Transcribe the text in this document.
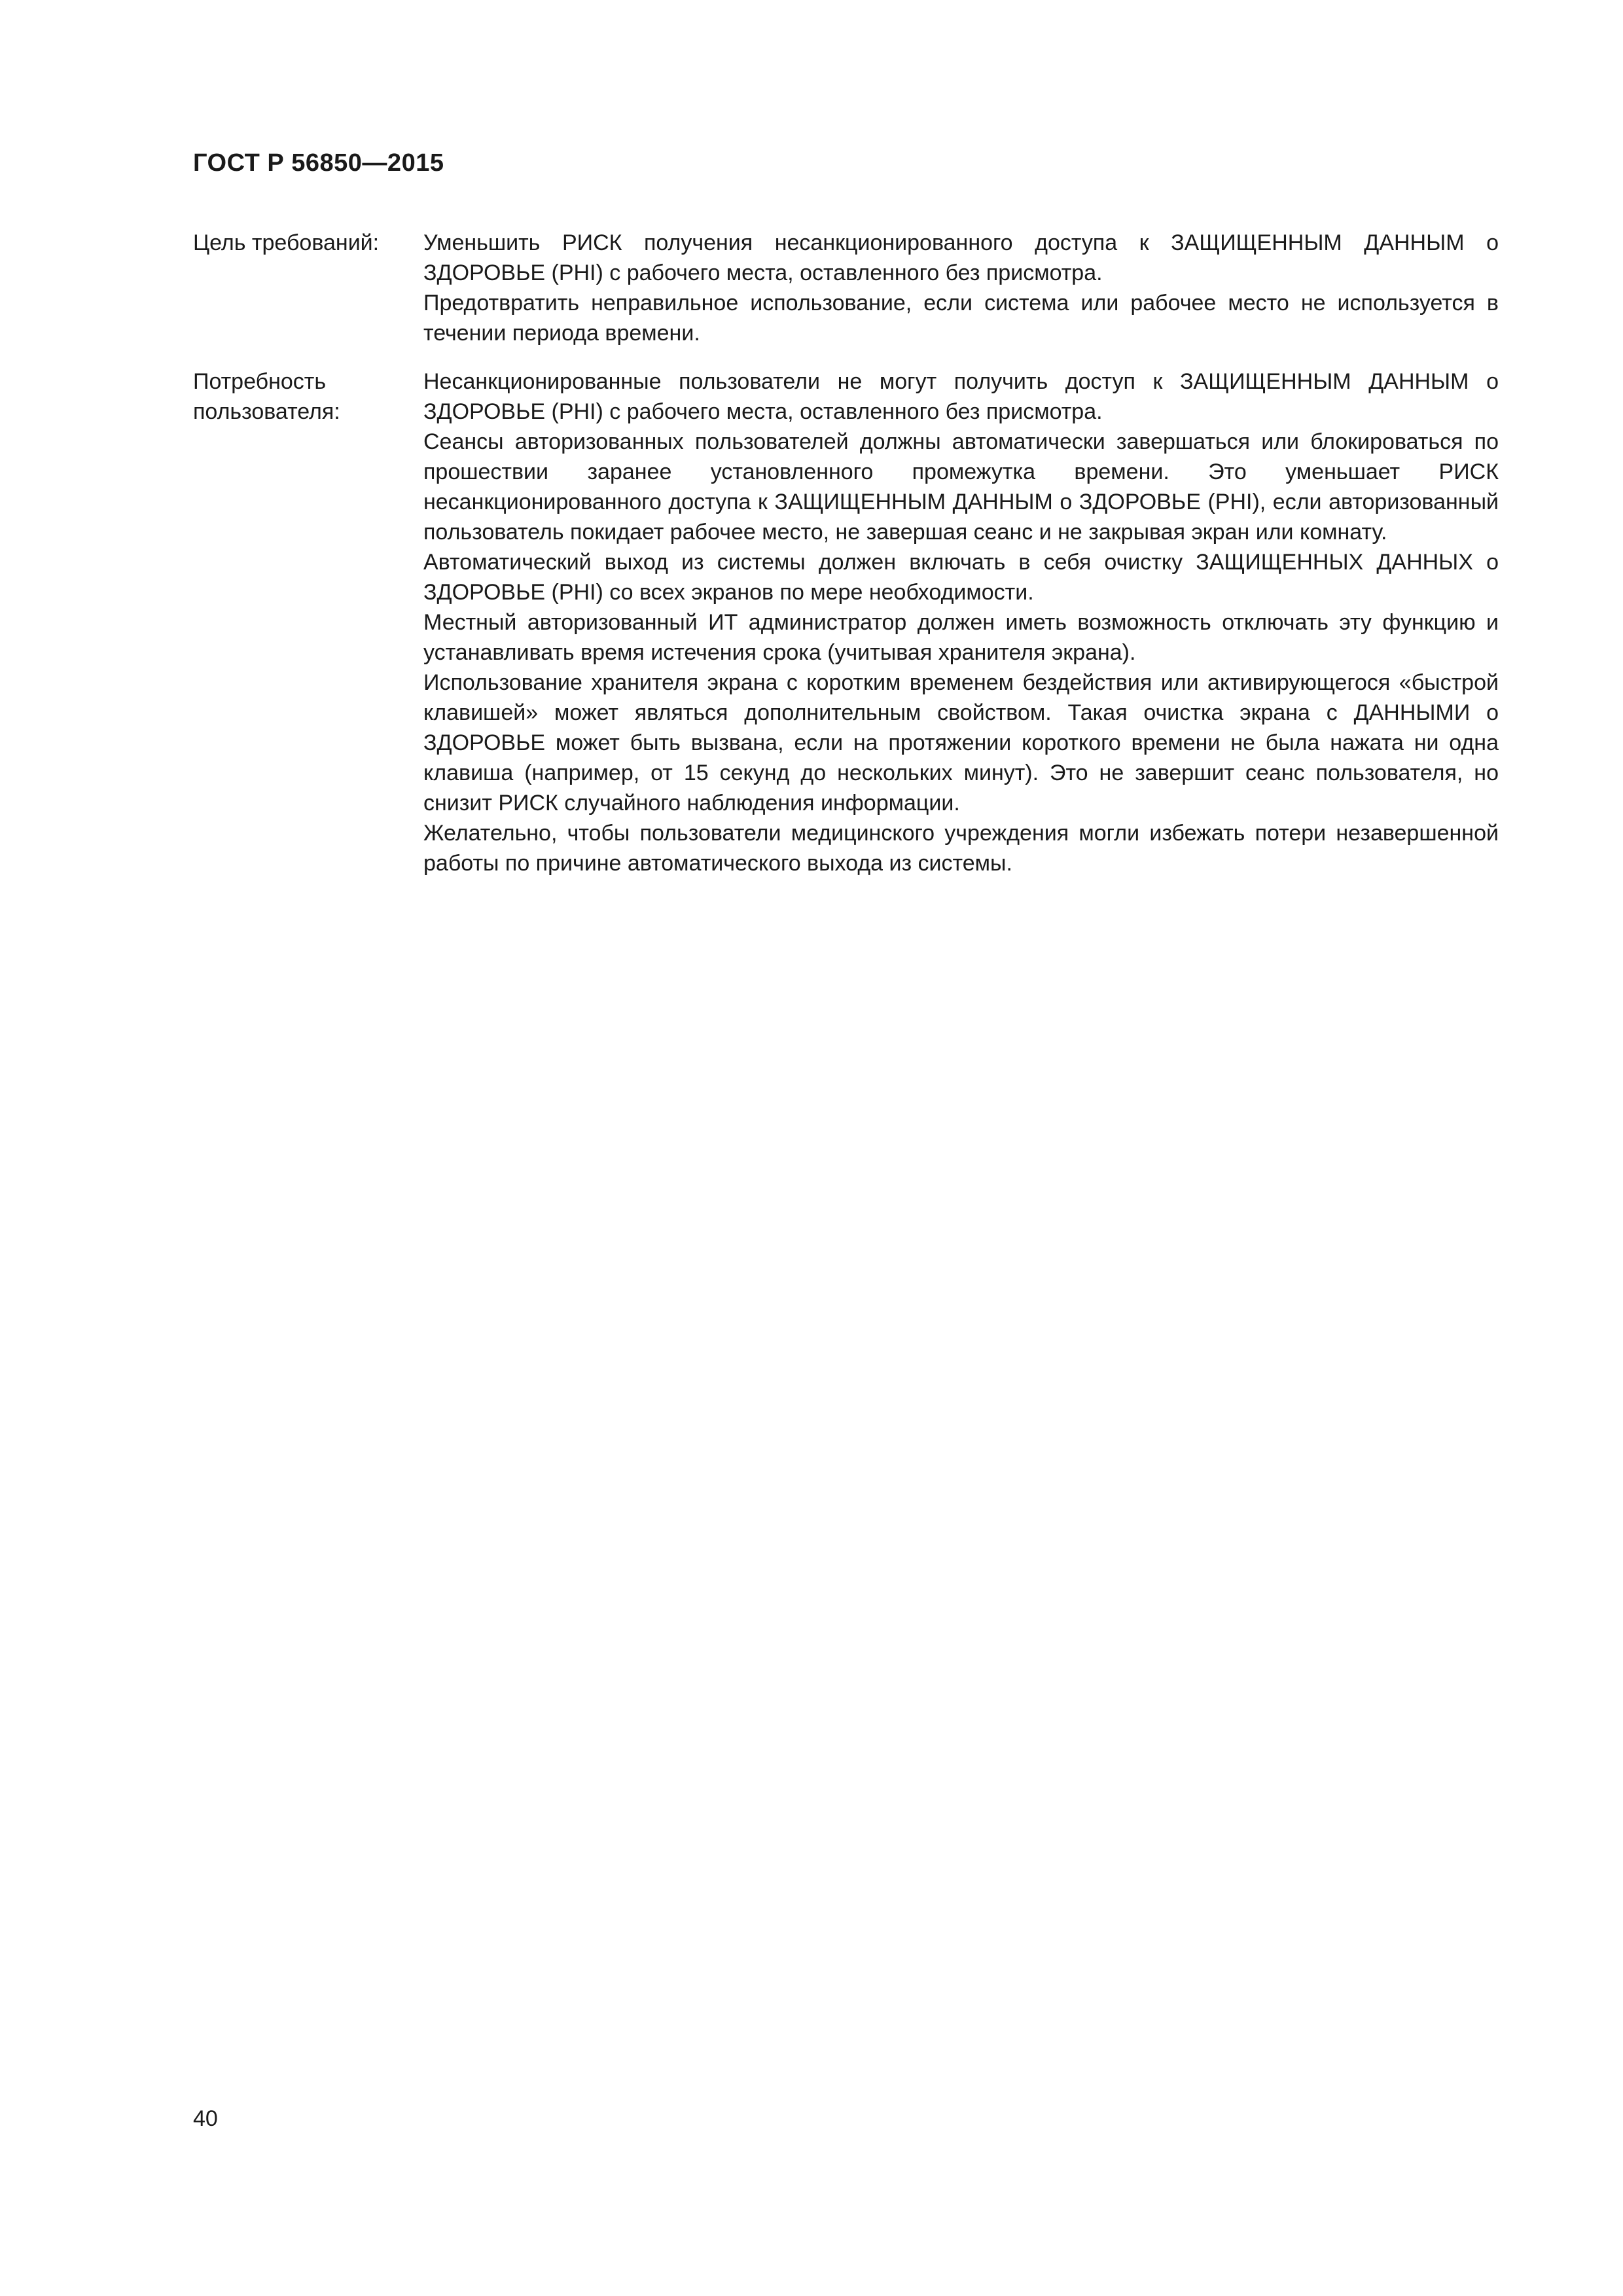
ГОСТ Р 56850—2015
Цель требований:	Уменьшить РИСК получения несанкционированного доступа к ЗАЩИЩЕННЫМ ДАННЫМ о ЗДОРОВЬЕ (PHI) с рабочего места, оставленного без присмотра.

Предотвратить неправильное использование, если система или рабочее место не используется в течении периода времени.

Потребность
пользователя:

Несанкционированные пользователи не могут получить доступ к ЗАЩИЩЕННЫМ ДАННЫМ о ЗДОРОВЬЕ (PHI) с рабочего места, оставленного без присмотра.

Сеансы авторизованных пользователей должны автоматически завершаться или блокироваться по прошествии заранее установленного промежутка времени. Это уменьшает РИСК несанкционированного доступа к ЗАЩИЩЕННЫМ ДАННЫМ о ЗДОРОВЬЕ (PHI), если авторизованный пользователь покидает рабочее место, не завершая сеанс и не закрывая экран или комнату.

Автоматический выход из системы должен включать в себя очистку ЗАЩИЩЕННЫХ ДАННЫХ о ЗДОРОВЬЕ (PHI) со всех экранов по мере необходимости.

Местный авторизованный ИТ администратор должен иметь возможность отключать эту функцию и устанавливать время истечения срока (учитывая хранителя экрана).

Использование хранителя экрана с коротким временем бездействия или активирующегося «быстрой клавишей» может являться дополнительным свойством. Такая очистка экрана с ДАННЫМИ о ЗДОРОВЬЕ может быть вызвана, если на протяжении короткого времени не была нажата ни одна клавиша (например, от 15 секунд до нескольких минут). Это не завершит сеанс пользователя, но снизит РИСК случайного наблюдения информации.

Желательно, чтобы пользователи медицинского учреждения могли избежать потери незавершенной работы по причине автоматического выхода из системы.

40
